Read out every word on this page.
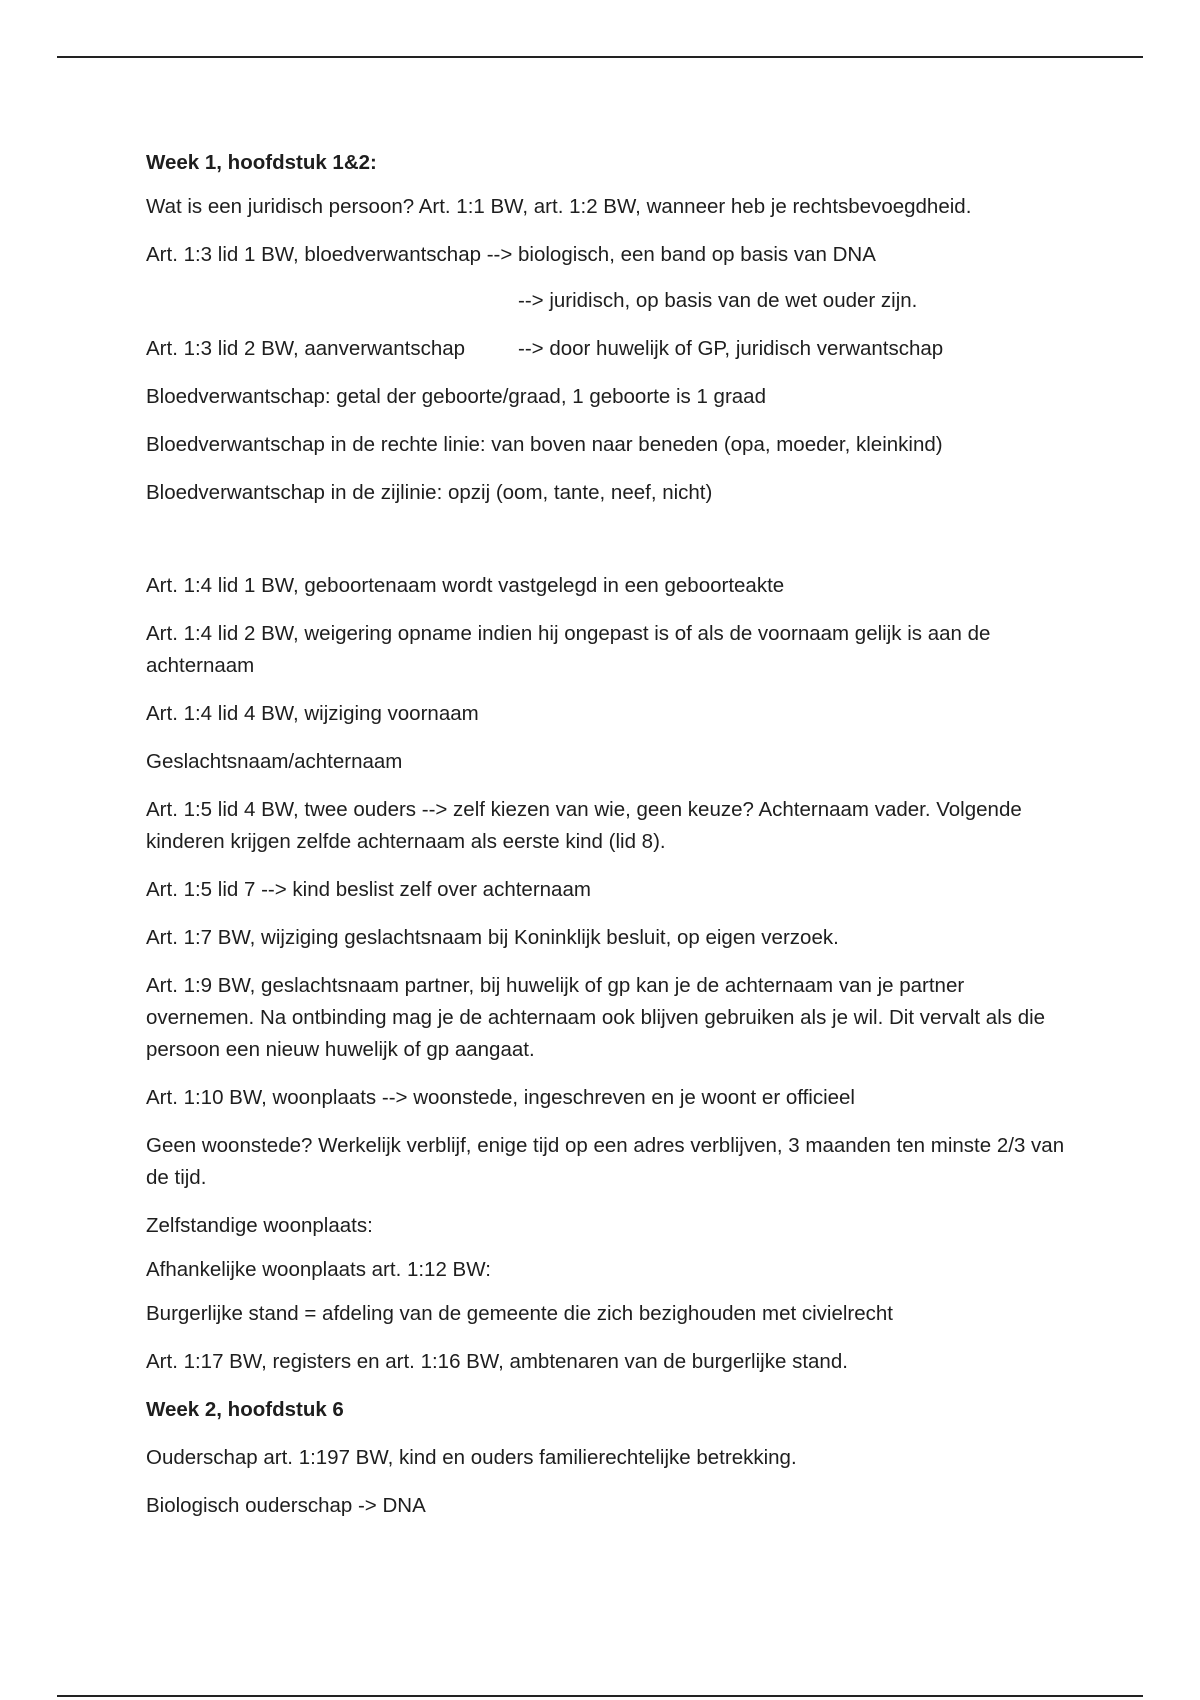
Week 1, hoofdstuk 1&2:

Wat is een juridisch persoon? Art. 1:1 BW, art. 1:2 BW, wanneer heb je rechtsbevoegdheid.

Art. 1:3 lid 1 BW, bloedverwantschap --> biologisch, een band op basis van DNA

--> juridisch, op basis van de wet ouder zijn.

Art. 1:3 lid 2 BW, aanverwantschap	--> door huwelijk of GP, juridisch verwantschap

Bloedverwantschap: getal der geboorte/graad, 1 geboorte is 1 graad

Bloedverwantschap in de rechte linie: van boven naar beneden (opa, moeder, kleinkind)

Bloedverwantschap in de zijlinie: opzij (oom, tante, neef, nicht)

Art. 1:4 lid 1 BW, geboortenaam wordt vastgelegd in een geboorteakte

Art. 1:4 lid 2 BW, weigering opname indien hij ongepast is of als de voornaam gelijk is aan de achternaam

Art. 1:4 lid 4 BW, wijziging voornaam

Geslachtsnaam/achternaam

Art. 1:5 lid 4 BW, twee ouders --> zelf kiezen van wie, geen keuze? Achternaam vader. Volgende kinderen krijgen zelfde achternaam als eerste kind (lid 8).

Art. 1:5 lid 7 --> kind beslist zelf over achternaam

Art. 1:7 BW, wijziging geslachtsnaam bij Koninklijk besluit, op eigen verzoek.

Art. 1:9 BW, geslachtsnaam partner, bij huwelijk of gp kan je de achternaam van je partner overnemen. Na ontbinding mag je de achternaam ook blijven gebruiken als je wil. Dit vervalt als die persoon een nieuw huwelijk of gp aangaat.

Art. 1:10 BW, woonplaats --> woonstede, ingeschreven en je woont er officieel

Geen woonstede? Werkelijk verblijf, enige tijd op een adres verblijven, 3 maanden ten minste 2/3 van de tijd.

Zelfstandige woonplaats:

Afhankelijke woonplaats art. 1:12 BW:

Burgerlijke stand = afdeling van de gemeente die zich bezighouden met civielrecht

Art. 1:17 BW, registers en art. 1:16 BW, ambtenaren van de burgerlijke stand.

Week 2, hoofdstuk 6

Ouderschap art. 1:197 BW, kind en ouders familierechtelijke betrekking.

Biologisch ouderschap -> DNA
